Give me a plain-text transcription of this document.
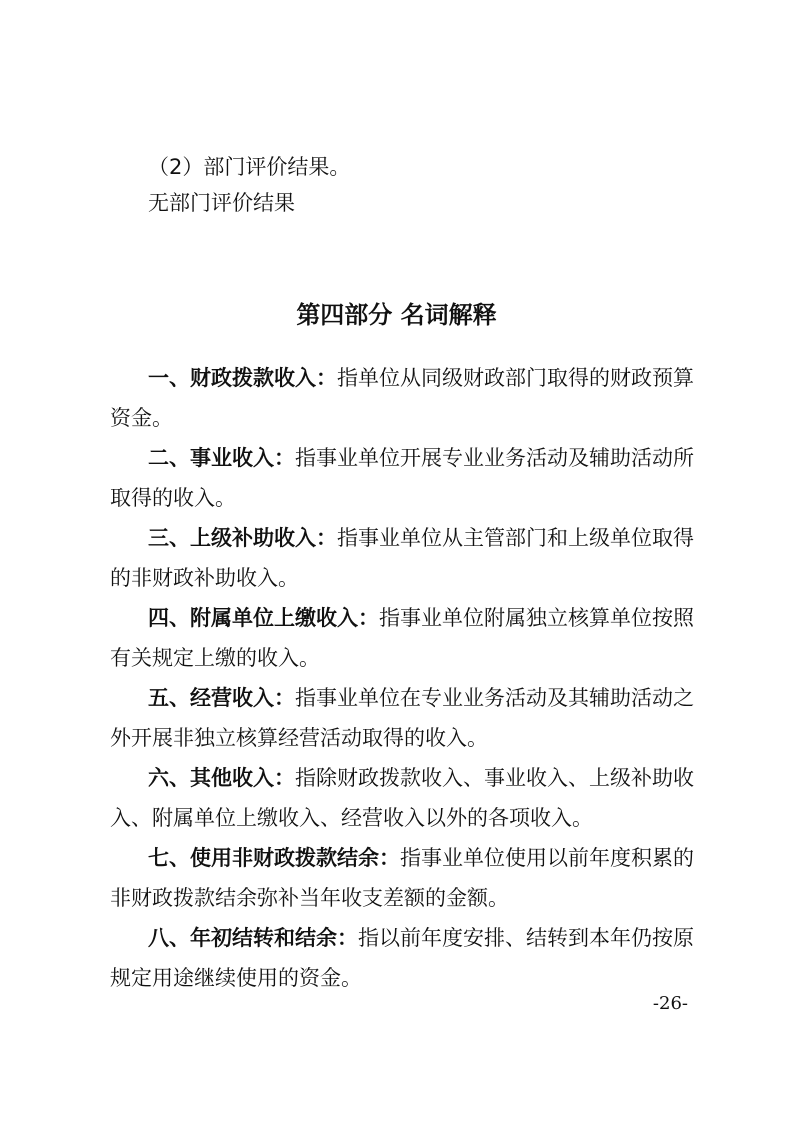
（2）部门评价结果。
无部门评价结果
第四部分 名词解释
一、财政拨款收入：指单位从同级财政部门取得的财政预算
资金。
二、事业收入：指事业单位开展专业业务活动及辅助活动所
取得的收入。
三、上级补助收入：指事业单位从主管部门和上级单位取得
的非财政补助收入。
四、附属单位上缴收入：指事业单位附属独立核算单位按照
有关规定上缴的收入。
五、经营收入：指事业单位在专业业务活动及其辅助活动之
外开展非独立核算经营活动取得的收入。
六、其他收入：指除财政拨款收入、事业收入、上级补助收
入、附属单位上缴收入、经营收入以外的各项收入。
七、使用非财政拨款结余：指事业单位使用以前年度积累的
非财政拨款结余弥补当年收支差额的金额。
八、年初结转和结余：指以前年度安排、结转到本年仍按原
规定用途继续使用的资金。
-26-
